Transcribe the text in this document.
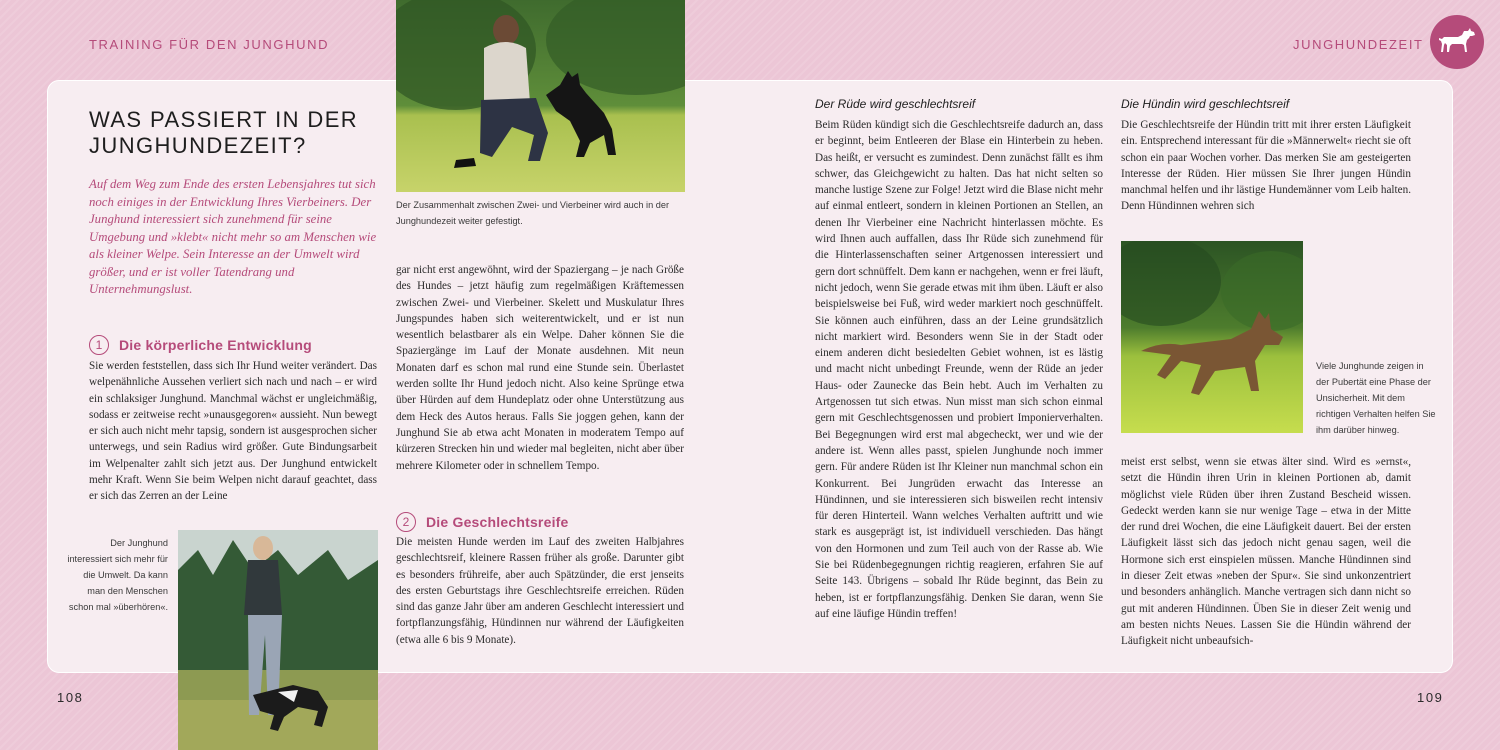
TRAINING FÜR DEN JUNGHUND	JUNGHUNDEZEIT
Der Zusammenhalt zwischen Zwei- und Vierbeiner wird auch in der Junghundezeit weiter gefestigt.
WAS PASSIERT IN DER JUNGHUNDEZEIT?
Auf dem Weg zum Ende des ersten Lebensjahres tut sich noch einiges in der Entwicklung Ihres Vierbeiners. Der Junghund interessiert sich zunehmend für seine Umgebung und »klebt« nicht mehr so am Menschen wie als kleiner Welpe. Sein Interesse an der Umwelt wird größer, und er ist voller Tatendrang und Unternehmungslust.
1	Die körperliche Entwicklung
Sie werden feststellen, dass sich Ihr Hund weiter verändert. Das welpenähnliche Aussehen verliert sich nach und nach – er wird ein schlaksiger Junghund. Manchmal wächst er ungleichmäßig, sodass er zeitweise recht »unausgegoren« aussieht. Nun bewegt er sich auch nicht mehr tapsig, sondern ist ausgesprochen sicher unterwegs, und sein Radius wird größer. Gute Bindungsarbeit im Welpenalter zahlt sich jetzt aus. Der Junghund entwickelt mehr Kraft. Wenn Sie beim Welpen nicht darauf geachtet, dass er sich das Zerren an der Leine
gar nicht erst angewöhnt, wird der Spaziergang – je nach Größe des Hundes – jetzt häufig zum regelmäßigen Kräftemessen zwischen Zwei- und Vierbeiner. Skelett und Muskulatur Ihres Jungspundes haben sich weiterentwickelt, und er ist nun wesentlich belastbarer als ein Welpe. Daher können Sie die Spaziergänge im Lauf der Monate ausdehnen. Mit neun Monaten darf es schon mal rund eine Stunde sein. Überlastet werden sollte Ihr Hund jedoch nicht. Also keine Sprünge etwa über Hürden auf dem Hundeplatz oder ohne Unterstützung aus dem Heck des Autos heraus. Falls Sie joggen gehen, kann der Junghund Sie ab etwa acht Monaten in moderatem Tempo auf kürzeren Strecken hin und wieder mal begleiten, nicht aber über mehrere Kilometer oder in schnellem Tempo.
2	Die Geschlechtsreife
Die meisten Hunde werden im Lauf des zweiten Halbjahres geschlechtsreif, kleinere Rassen früher als große. Darunter gibt es besonders frühreife, aber auch Spätzünder, die erst jenseits des ersten Geburtstags ihre Geschlechtsreife erreichen. Rüden sind das ganze Jahr über am anderen Geschlecht interessiert und fortpflanzungsfähig, Hündinnen nur während der Läufigkeiten (etwa alle 6 bis 9 Monate).
Der Junghund interessiert sich mehr für die Umwelt. Da kann man den Menschen schon mal »überhören«.
Der Rüde wird geschlechtsreif
Beim Rüden kündigt sich die Geschlechtsreife dadurch an, dass er beginnt, beim Entleeren der Blase ein Hinterbein zu heben. Das heißt, er versucht es zumindest. Denn zunächst fällt es ihm schwer, das Gleichgewicht zu halten. Das hat nicht selten so manche lustige Szene zur Folge! Jetzt wird die Blase nicht mehr auf einmal entleert, sondern in kleinen Portionen an Stellen, an denen Ihr Vierbeiner eine Nachricht hinterlassen möchte. Es wird Ihnen auch auffallen, dass Ihr Rüde sich zunehmend für die Hinterlassenschaften seiner Artgenossen interessiert und gern dort schnüffelt. Dem kann er nachgehen, wenn er frei läuft, nicht jedoch, wenn Sie gerade etwas mit ihm üben. Läuft er also beispielsweise bei Fuß, wird weder markiert noch geschnüffelt. Sie können auch einführen, dass an der Leine grundsätzlich nicht markiert wird. Besonders wenn Sie in der Stadt oder einem anderen dicht besiedelten Gebiet wohnen, ist es lästig und macht nicht unbedingt Freunde, wenn der Rüde an jeder Haus- oder Zaunecke das Bein hebt. Auch im Verhalten zu Artgenossen tut sich etwas. Nun misst man sich schon einmal gern mit Geschlechtsgenossen und probiert Imponierverhalten. Bei Begegnungen wird erst mal abgecheckt, wer und wie der andere ist. Wenn alles passt, spielen Junghunde noch immer gern. Für andere Rüden ist Ihr Kleiner nun manchmal schon ein Konkurrent. Bei Jungrüden erwacht das Interesse an Hündinnen, und sie interessieren sich bisweilen recht intensiv für deren Hinterteil. Wann welches Verhalten auftritt und wie stark es ausgeprägt ist, ist individuell verschieden. Das hängt von den Hormonen und zum Teil auch von der Rasse ab. Wie Sie bei Rüdenbegegnungen richtig reagieren, erfahren Sie auf Seite 143. Übrigens – sobald Ihr Rüde beginnt, das Bein zu heben, ist er fortpflanzungsfähig. Denken Sie daran, wenn Sie auf eine läufige Hündin treffen!
Die Hündin wird geschlechtsreif
Die Geschlechtsreife der Hündin tritt mit ihrer ersten Läufigkeit ein. Entsprechend interessant für die »Männerwelt« riecht sie oft schon ein paar Wochen vorher. Das merken Sie am gesteigerten Interesse der Rüden. Hier müssen Sie Ihrer jungen Hündin manchmal helfen und ihr lästige Hundemänner vom Leib halten. Denn Hündinnen wehren sich
Viele Junghunde zeigen in der Pubertät eine Phase der Unsicherheit. Mit dem richtigen Verhalten helfen Sie ihm darüber hinweg.
meist erst selbst, wenn sie etwas älter sind. Wird es »ernst«, setzt die Hündin ihren Urin in kleinen Portionen ab, damit möglichst viele Rüden über ihren Zustand Bescheid wissen. Gedeckt werden kann sie nur wenige Tage – etwa in der Mitte der rund drei Wochen, die eine Läufigkeit dauert. Bei der ersten Läufigkeit lässt sich das jedoch nicht genau sagen, weil die Hormone sich erst einspielen müssen. Manche Hündinnen sind in dieser Zeit etwas »neben der Spur«. Sie sind unkonzentriert und besonders anhänglich. Manche vertragen sich dann nicht so gut mit anderen Hündinnen. Üben Sie in dieser Zeit wenig und am besten nichts Neues. Lassen Sie die Hündin während der Läufigkeit nicht unbeaufsich-
108	109
